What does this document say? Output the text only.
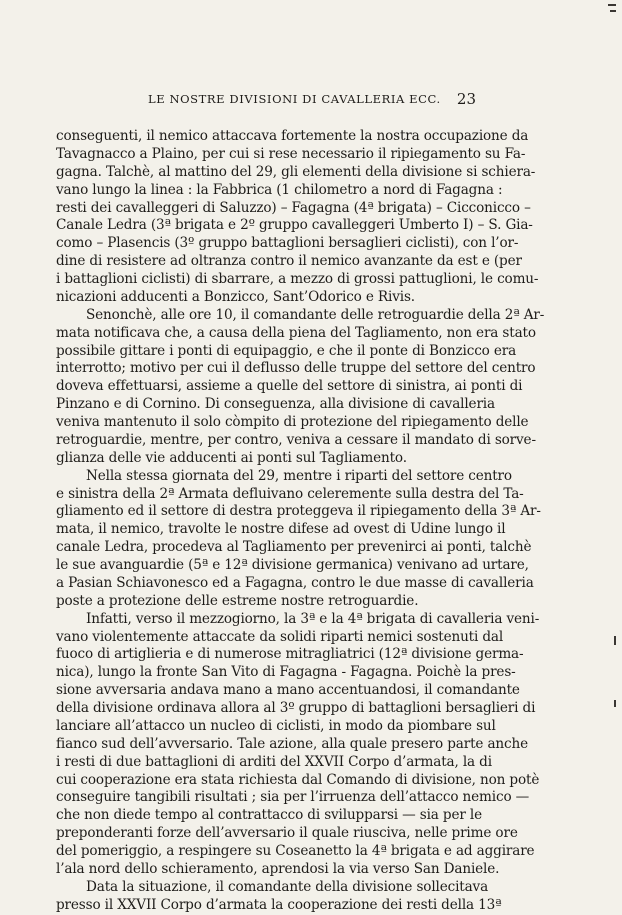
LE NOSTRE DIVISIONI DI CAVALLERIA ECC. 23
conseguenti, il nemico attaccava fortemente la nostra occupazione da
Tavagnacco a Plaino, per cui si rese necessario il ripiegamento su Fa-
gagna. Talchè, al mattino del 29, gli elementi della divisione si schiera-
vano lungo la linea : la Fabbrica (1 chilometro a nord di Fagagna :
resti dei cavalleggeri di Saluzzo) – Fagagna (4ª brigata) – Cicconicco –
Canale Ledra (3ª brigata e 2º gruppo cavalleggeri Umberto I) – S. Gia-
como – Plasencis (3º gruppo battaglioni bersaglieri ciclisti), con l’or-
dine di resistere ad oltranza contro il nemico avanzante da est e (per
i battaglioni ciclisti) di sbarrare, a mezzo di grossi pattuglioni, le comu-
nicazioni adducenti a Bonzicco, Sant’Odorico e Rivis.
Senonchè, alle ore 10, il comandante delle retroguardie della 2ª Ar-
mata notificava che, a causa della piena del Tagliamento, non era stato
possibile gittare i ponti di equipaggio, e che il ponte di Bonzicco era
interrotto; motivo per cui il deflusso delle truppe del settore del centro
doveva effettuarsi, assieme a quelle del settore di sinistra, ai ponti di
Pinzano e di Cornino. Di conseguenza, alla divisione di cavalleria
veniva mantenuto il solo còmpito di protezione del ripiegamento delle
retroguardie, mentre, per contro, veniva a cessare il mandato di sorve-
glianza delle vie adducenti ai ponti sul Tagliamento.
Nella stessa giornata del 29, mentre i riparti del settore centro
e sinistra della 2ª Armata defluivano celeremente sulla destra del Ta-
gliamento ed il settore di destra proteggeva il ripiegamento della 3ª Ar-
mata, il nemico, travolte le nostre difese ad ovest di Udine lungo il
canale Ledra, procedeva al Tagliamento per prevenirci ai ponti, talchè
le sue avanguardie (5ª e 12ª divisione germanica) venivano ad urtare,
a Pasian Schiavonesco ed a Fagagna, contro le due masse di cavalleria
poste a protezione delle estreme nostre retroguardie.
Infatti, verso il mezzogiorno, la 3ª e la 4ª brigata di cavalleria veni-
vano violentemente attaccate da solidi riparti nemici sostenuti dal
fuoco di artiglieria e di numerose mitragliatrici (12ª divisione germa-
nica), lungo la fronte San Vito di Fagagna - Fagagna. Poichè la pres-
sione avversaria andava mano a mano accentuandosi, il comandante
della divisione ordinava allora al 3º gruppo di battaglioni bersaglieri di
lanciare all’attacco un nucleo di ciclisti, in modo da piombare sul
fianco sud dell’avversario. Tale azione, alla quale presero parte anche
i resti di due battaglioni di arditi del XXVII Corpo d’armata, la di
cui cooperazione era stata richiesta dal Comando di divisione, non potè
conseguire tangibili risultati ; sia per l’irruenza dell’attacco nemico —
che non diede tempo al contrattacco di svilupparsi — sia per le
preponderanti forze dell’avversario il quale riusciva, nelle prime ore
del pomeriggio, a respingere su Coseanetto la 4ª brigata e ad aggirare
l’ala nord dello schieramento, aprendosi la via verso San Daniele.
Data la situazione, il comandante della divisione sollecitava
presso il XXVII Corpo d’armata la cooperazione dei resti della 13ª
